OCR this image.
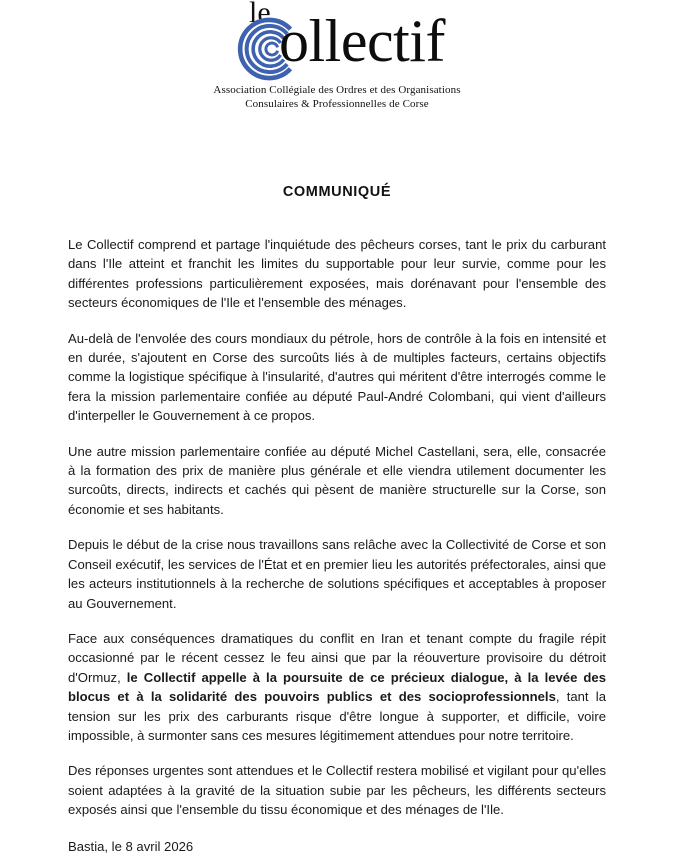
le ollectif
Association Collégiale des Ordres et des Organisations
Consulaires & Professionnelles de Corse
COMMUNIQUÉ

Le Collectif comprend et partage l'inquiétude des pêcheurs corses, tant le prix du carburant dans l'Ile atteint et franchit les limites du supportable pour leur survie, comme pour les différentes professions particulièrement exposées, mais dorénavant pour l'ensemble des secteurs économiques de l'Ile et l'ensemble des ménages.

Au-delà de l'envolée des cours mondiaux du pétrole, hors de contrôle à la fois en intensité et en durée, s'ajoutent en Corse des surcoûts liés à de multiples facteurs, certains objectifs comme la logistique spécifique à l'insularité, d'autres qui méritent d'être interrogés comme le fera la mission parlementaire confiée au député Paul-André Colombani, qui vient d'ailleurs d'interpeller le Gouvernement à ce propos.

Une autre mission parlementaire confiée au député Michel Castellani, sera, elle, consacrée à la formation des prix de manière plus générale et elle viendra utilement documenter les surcoûts, directs, indirects et cachés qui pèsent de manière structurelle sur la Corse, son économie et ses habitants.

Depuis le début de la crise nous travaillons sans relâche avec la Collectivité de Corse et son Conseil exécutif, les services de l'État et en premier lieu les autorités préfectorales, ainsi que les acteurs institutionnels à la recherche de solutions spécifiques et acceptables à proposer au Gouvernement.

Face aux conséquences dramatiques du conflit en Iran et tenant compte du fragile répit occasionné par le récent cessez le feu ainsi que par la réouverture provisoire du détroit d'Ormuz, le Collectif appelle à la poursuite de ce précieux dialogue, à la levée des blocus et à la solidarité des pouvoirs publics et des socioprofessionnels, tant la tension sur les prix des carburants risque d'être longue à supporter, et difficile, voire impossible, à surmonter sans ces mesures légitimement attendues pour notre territoire.

Des réponses urgentes sont attendues et le Collectif restera mobilisé et vigilant pour qu'elles soient adaptées à la gravité de la situation subie par les pêcheurs, les différents secteurs exposés ainsi que l'ensemble du tissu économique et des ménages de l'Ile.

Bastia, le 8 avril 2026
